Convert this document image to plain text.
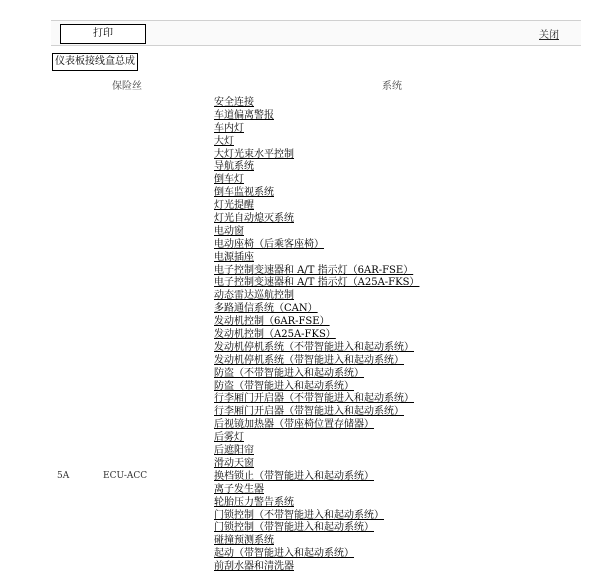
打印	关闭
仪表板接线盒总成
保险丝	系统
5A	ECU-ACC
安全连接
车道偏离警报
车内灯
大灯
大灯光束水平控制
导航系统
倒车灯
倒车监视系统
灯光提醒
灯光自动熄灭系统
电动窗
电动座椅（后乘客座椅）
电源插座
电子控制变速器和 A/T 指示灯（6AR-FSE）
电子控制变速器和 A/T 指示灯（A25A-FKS）
动态雷达巡航控制
多路通信系统（CAN）
发动机控制（6AR-FSE）
发动机控制（A25A-FKS）
发动机停机系统（不带智能进入和起动系统）
发动机停机系统（带智能进入和起动系统）
防盗（不带智能进入和起动系统）
防盗（带智能进入和起动系统）
行李厢门开启器（不带智能进入和起动系统）
行李厢门开启器（带智能进入和起动系统）
后视镜加热器（带座椅位置存储器）
后雾灯
后遮阳帘
滑动天窗
换档锁止（带智能进入和起动系统）
离子发生器
轮胎压力警告系统
门锁控制（不带智能进入和起动系统）
门锁控制（带智能进入和起动系统）
碰撞预测系统
起动（带智能进入和起动系统）
前刮水器和清洗器
